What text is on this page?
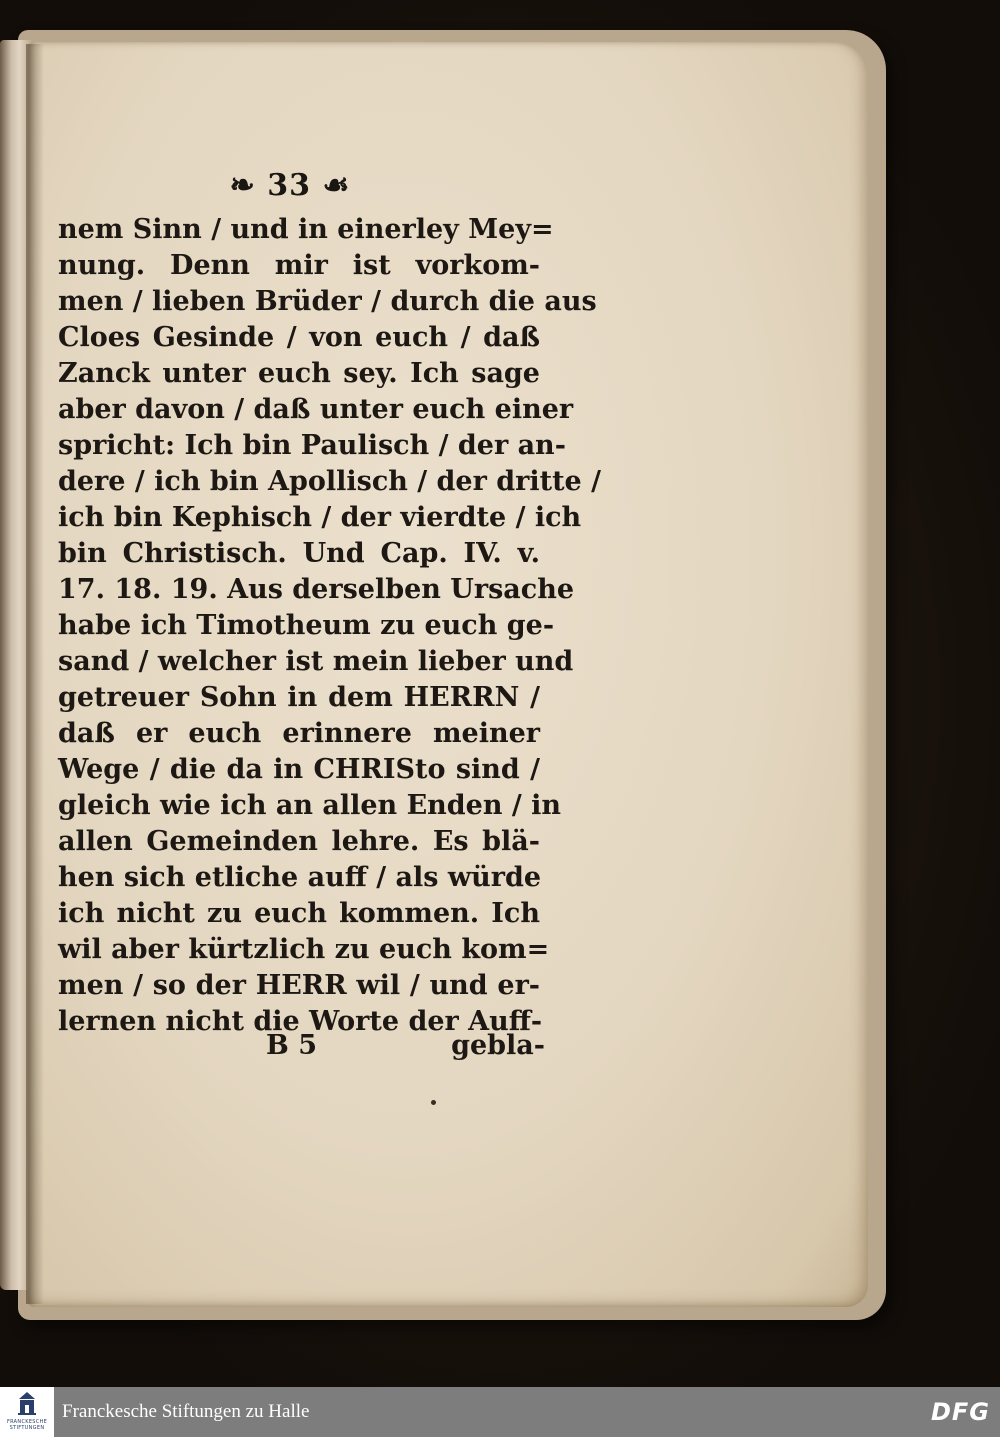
❧ 33 ☙
nem Sinn / und in einerley Mey=
nung. Denn mir ist vorkom-
men / lieben Brüder / durch die aus
Cloes Gesinde / von euch / daß
Zanck unter euch sey. Ich sage
aber davon / daß unter euch einer
spricht: Ich bin Paulisch / der an-
dere / ich bin Apollisch / der dritte /
ich bin Kephisch / der vierdte / ich
bin Christisch. Und Cap. IV. v.
17. 18. 19. Aus derselben Ursache
habe ich Timotheum zu euch ge-
sand / welcher ist mein lieber und
getreuer Sohn in dem HERRN /
daß er euch erinnere meiner
Wege / die da in CHRISto sind /
gleich wie ich an allen Enden / in
allen Gemeinden lehre. Es blä-
hen sich etliche auff / als würde
ich nicht zu euch kommen. Ich
wil aber kürtzlich zu euch kom=
men / so der HERR wil / und er-
lernen nicht die Worte der Auff-
B 5	gebla-
FRANCKESCHE
STIFTUNGEN
Franckesche Stiftungen zu Halle	DFG
